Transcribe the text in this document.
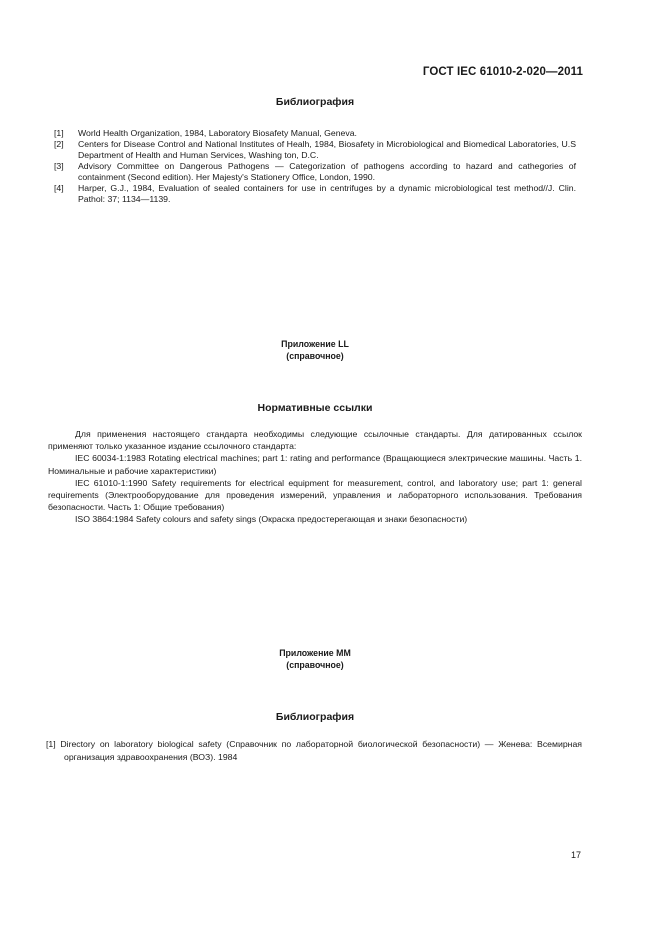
ГОСТ IEC 61010-2-020—2011
Библиография
[1]	World Health Organization, 1984, Laboratory Biosafety Manual, Geneva.
[2]	Centers for Disease Control and National Institutes of Healh, 1984, Biosafety in Microbiological and Biomedical Laboratories, U.S Department of Health and Human Services, Washing ton, D.C.
[3]	Advisory Committee on Dangerous Pathogens — Categorization of pathogens according to hazard and cathegories of containment (Second edition). Her Majesty's Stationery Office, London, 1990.
[4]	Harper, G.J., 1984, Evaluation of sealed containers for use in centrifuges by a dynamic microbiological test method//J. Clin. Pathol: 37; 1134—1139.
Приложение LL
(справочное)
Нормативные ссылки

Для применения настоящего стандарта необходимы следующие ссылочные стандарты. Для датированных ссылок применяют только указанное издание ссылочного стандарта:

IEC 60034-1:1983 Rotating electrical machines; part 1: rating and performance (Вращающиеся электрические машины. Часть 1. Номинальные и рабочие характеристики)

IEC 61010-1:1990 Safety requirements for electrical equipment for measurement, control, and laboratory use; part 1: general requirements (Электрооборудование для проведения измерений, управления и лабораторного использования. Требования безопасности. Часть 1: Общие требования)

ISO 3864:1984 Safety colours and safety sings (Окраска предостерегающая и знаки безопасности)

Приложение ММ
(справочное)
Библиография

[1] Directory on laboratory biological safety (Справочник по лабораторной биологической безопасности) — Женева: Всемирная организация здравоохранения (ВОЗ). 1984

17
